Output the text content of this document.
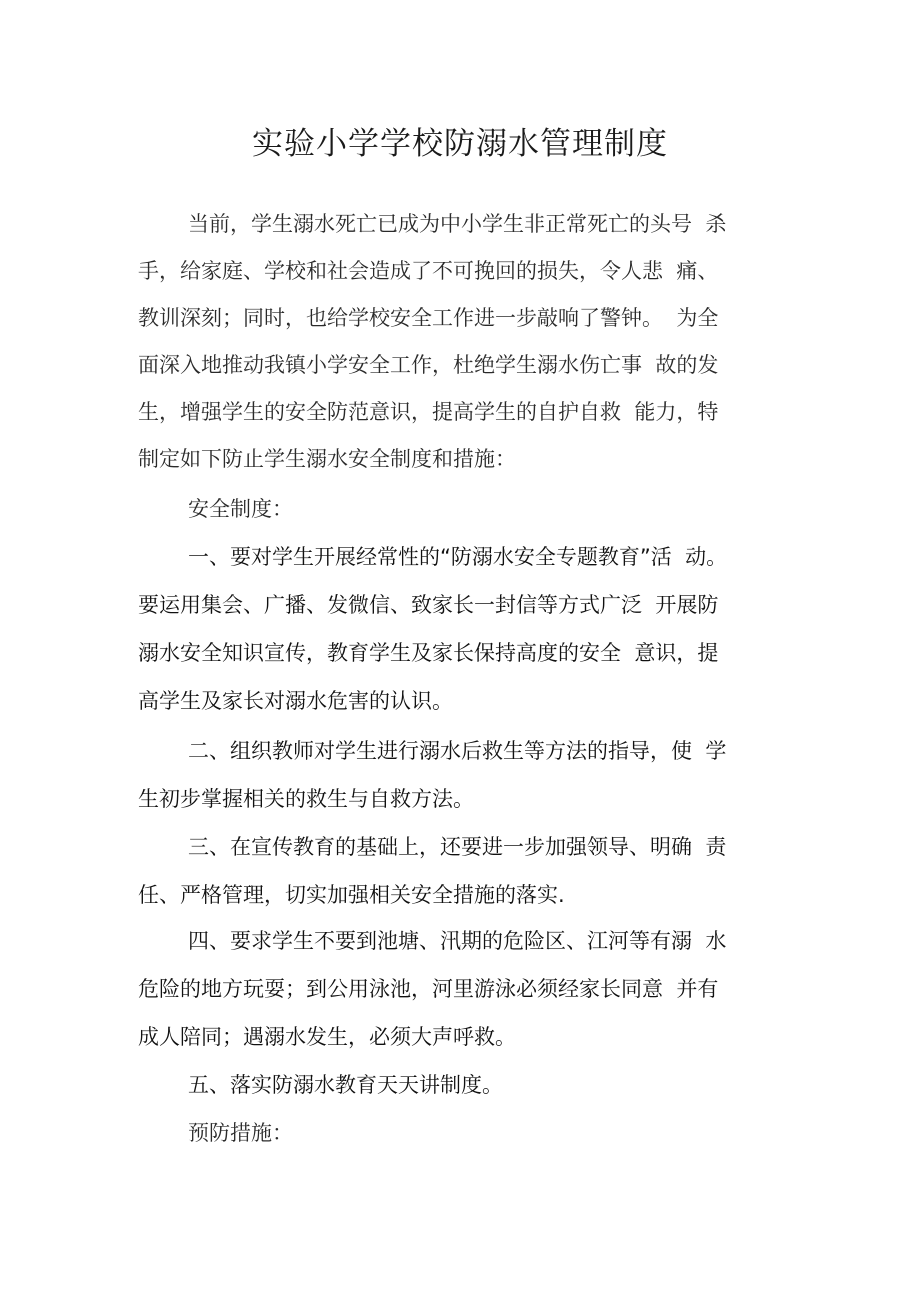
实验小学学校防溺水管理制度
当前，学生溺水死亡已成为中小学生非正常死亡的头号  杀
手，给家庭、学校和社会造成了不可挽回的损失，令人悲  痛、
教训深刻；同时，也给学校安全工作进一步敲响了警钟。  为全
面深入地推动我镇小学安全工作，杜绝学生溺水伤亡事  故的发
生，增强学生的安全防范意识，提高学生的自护自救  能力，特
制定如下防止学生溺水安全制度和措施：
安全制度：
一、要对学生开展经常性的“防溺水安全专题教育”活  动。
要运用集会、广播、发微信、致家长一封信等方式广泛  开展防
溺水安全知识宣传，教育学生及家长保持高度的安全  意识，提
高学生及家长对溺水危害的认识。
二、组织教师对学生进行溺水后救生等方法的指导，使  学
生初步掌握相关的救生与自救方法。
三、在宣传教育的基础上，还要进一步加强领导、明确  责
任、严格管理，切实加强相关安全措施的落实.
四、要求学生不要到池塘、汛期的危险区、江河等有溺  水
危险的地方玩耍；到公用泳池，河里游泳必须经家长同意  并有
成人陪同；遇溺水发生，必须大声呼救。
五、落实防溺水教育天天讲制度。
预防措施：
